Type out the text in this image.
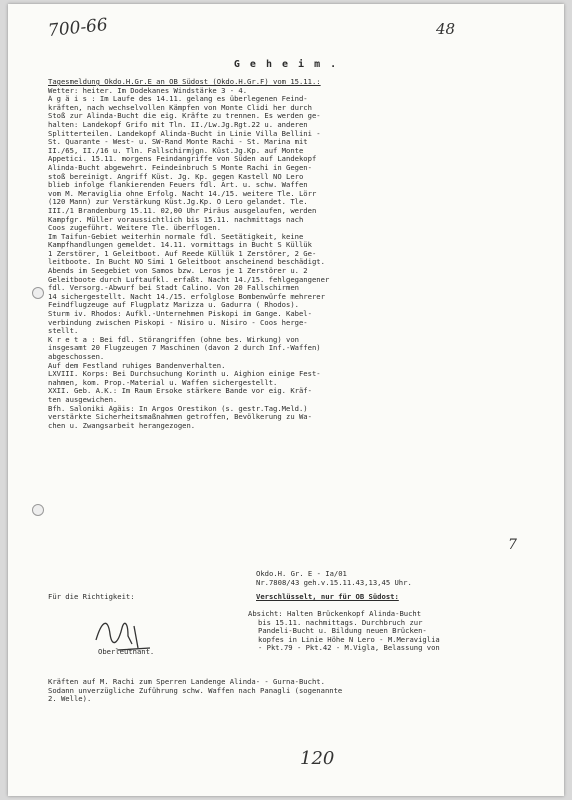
700-66	48
7
120
G e h e i m .
Tagesmeldung Okdo.H.Gr.E an OB Südost (Okdo.H.Gr.F) vom 15.11.:
Wetter: heiter. Im Dodekanes Windstärke 3 - 4.
Ä g ä i s : Im Laufe des 14.11. gelang es überlegenen Feind-
kräften, nach wechselvollen Kämpfen von Monte Clidi her durch
Stoß zur Alinda-Bucht die eig. Kräfte zu trennen. Es werden ge-
halten: Landekopf Grifo mit Tln. II./Lw.Jg.Rgt.22 u. anderen
Splitterteilen. Landekopf Alinda-Bucht in Linie Villa Bellini -
St. Quarante - West- u. SW-Rand Monte Rachi - St. Marina mit
II./65, II./16 u. Tln. Fallschirmjgn. Küst.Jg.Kp. auf Monte
Appetici. 15.11. morgens Feindangriffe von Süden auf Landekopf
Alinda-Bucht abgewehrt. Feindeinbruch S Monte Rachi in Gegen-
stoß bereinigt. Angriff Küst. Jg. Kp. gegen Kastell NO Lero
blieb infolge flankierenden Feuers fdl. Art. u. schw. Waffen
vom M. Meraviglia ohne Erfolg. Nacht 14./15. weitere Tle. Lörr
(120 Mann) zur Verstärkung Küst.Jg.Kp. O Lero gelandet. Tle.
III./1 Brandenburg 15.11. 02,00 Uhr Piräus ausgelaufen, werden
Kampfgr. Müller voraussichtlich bis 15.11. nachmittags nach
Coos zugeführt. Weitere Tle. überflogen.
Im Taifun-Gebiet weiterhin normale fdl. Seetätigkeit, keine
Kampfhandlungen gemeldet. 14.11. vormittags in Bucht S Küllük
1 Zerstörer, 1 Geleitboot. Auf Reede Küllük 1 Zerstörer, 2 Ge-
leitboote. In Bucht NO Simi 1 Geleitboot anscheinend beschädigt.
Abends im Seegebiet von Samos bzw. Leros je 1 Zerstörer u. 2
Geleitboote durch Luftaufkl. erfaßt. Nacht 14./15. fehlgegangener
fdl. Versorg.-Abwurf bei Stadt Calino. Von 20 Fallschirmen
14 sichergestellt. Nacht 14./15. erfolglose Bombenwürfe mehrerer
Feindflugzeuge auf Flugplatz Marizza u. Gadurra ( Rhodos).
Sturm iv. Rhodos: Aufkl.-Unternehmen Piskopi im Gange. Kabel-
verbindung zwischen Piskopi - Nisiro u. Nisiro - Coos herge-
stellt.
K r e t a : Bei fdl. Störangriffen (ohne bes. Wirkung) von
insgesamt 20 Flugzeugen 7 Maschinen (davon 2 durch Inf.-Waffen)
abgeschossen.
Auf dem Festland ruhiges Bandenverhalten.
LXVIII. Korps: Bei Durchsuchung Korinth u. Aighion einige Fest-
nahmen, kom. Prop.-Material u. Waffen sichergestellt.
XXII. Geb. A.K.: Im Raum Ersoke stärkere Bande vor eig. Kräf-
ten ausgewichen.
Bfh. Saloniki Ägäis: In Argos Orestikon (s. gestr.Tag.Meld.)
verstärkte Sicherheitsmaßnahmen getroffen, Bevölkerung zu Wa-
chen u. Zwangsarbeit herangezogen.
Okdo.H. Gr. E - Ia/01
Nr.7808/43 geh.v.15.11.43,13,45 Uhr.
Für die Richtigkeit:
Oberleutnant.
Verschlüsselt, nur für OB Südost:
Absicht: Halten Brückenkopf Alinda-Bucht
bis 15.11. nachmittags. Durchbruch zur
Pandeli-Bucht u. Bildung neuen Brücken-
kopfes in Linie Höhe N Lero - M.Meraviglia
- Pkt.79 - Pkt.42 - M.Vigla, Belassung von
Kräften auf M. Rachi zum Sperren Landenge Alinda- - Gurna-Bucht.
Sodann unverzügliche Zuführung schw. Waffen nach Panagli (sogenannte
2. Welle).
